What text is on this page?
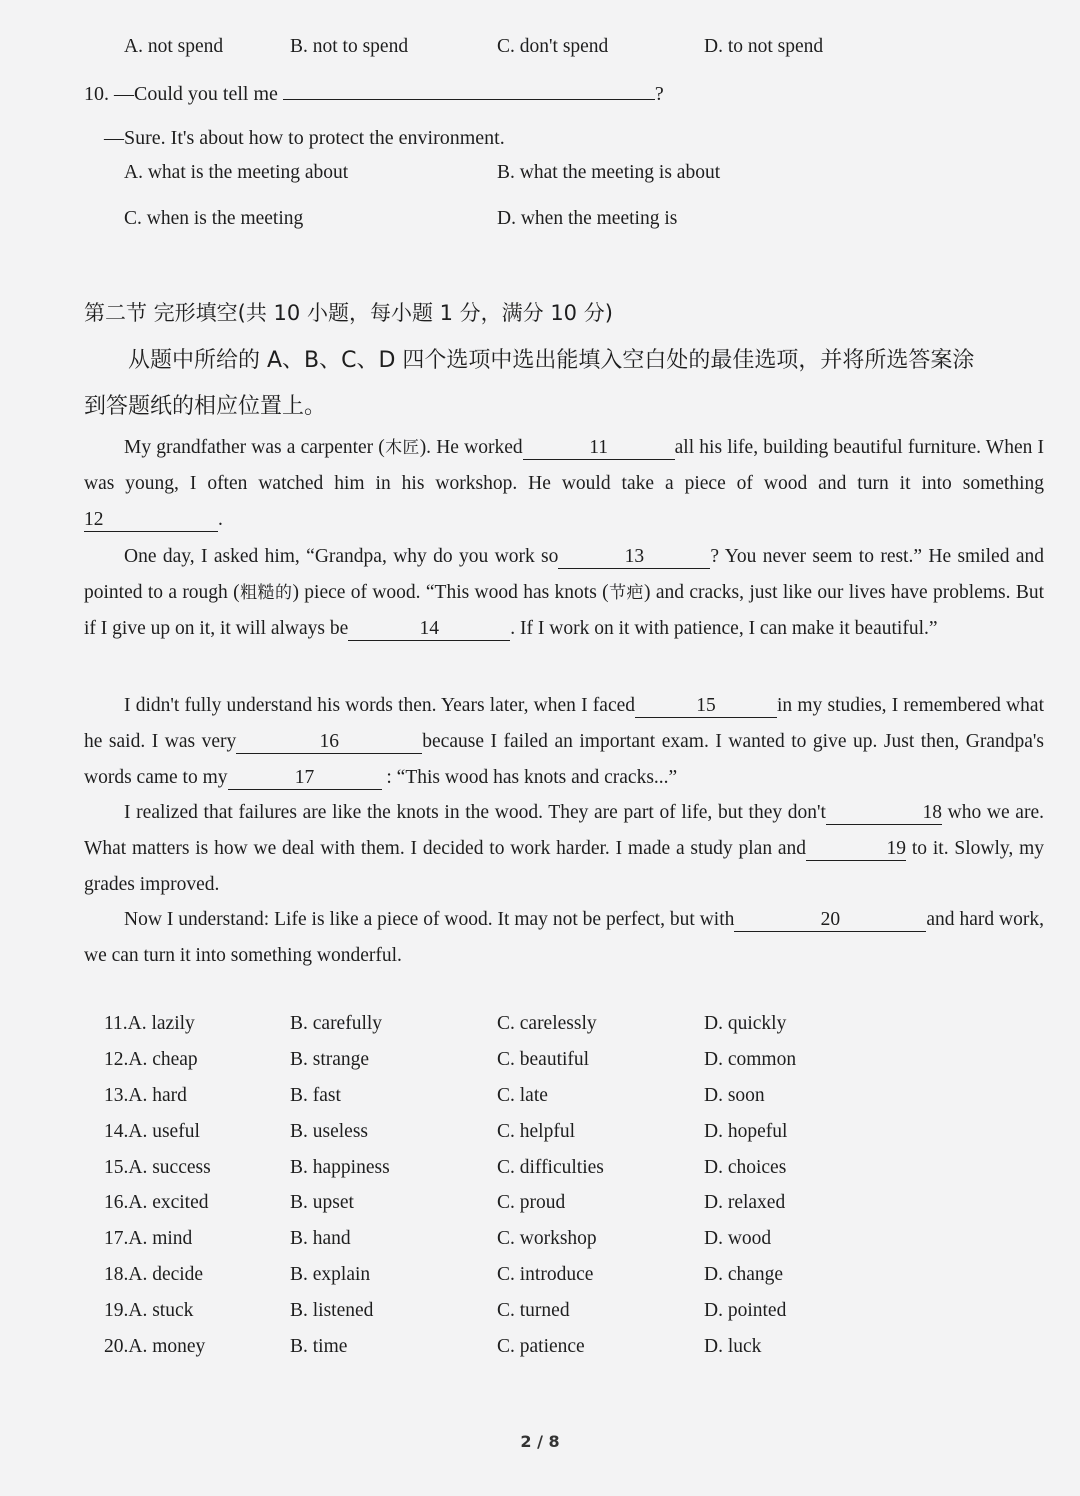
A. not spend	B. not to spend	C. don't spend	D. to not spend
10. —Could you tell me	?
—Sure. It's about how to protect the environment.
A. what is the meeting about	B. what the meeting is about
C. when is the meeting	D. when the meeting is
第二节 完形填空(共 10 小题，每小题 1 分，满分 10 分)
从题中所给的 A、B、C、D 四个选项中选出能填入空白处的最佳选项，并将所选答案涂
到答题纸的相应位置上。
My grandfather was a carpenter (木匠). He worked	11	all his life, building beautiful furniture. When I was young, I often watched him in his workshop. He would take a piece of wood and turn it into something 12	.
One day, I asked him, “Grandpa, why do you work so	13	? You never seem to rest.” He smiled and pointed to a rough (粗糙的) piece of wood. “This wood has knots (节疤) and cracks, just like our lives have problems. But if I give up on it, it will always be	14	. If I work on it with patience, I can make it beautiful.”
I didn't fully understand his words then. Years later, when I faced	15	in my studies, I remembered what he said. I was very	16	because I failed an important exam. I wanted to give up. Just then, Grandpa's words came to my	17	: “This wood has knots and cracks...”
I realized that failures are like the knots in the wood. They are part of life, but they don't	18 who we are. What matters is how we deal with them. I decided to work harder. I made a study plan and	19 to it. Slowly, my grades improved.
Now I understand: Life is like a piece of wood. It may not be perfect, but with	20	and hard work, we can turn it into something wonderful.
11.A. lazily	B. carefully	C. carelessly	D. quickly
12.A. cheap	B. strange	C. beautiful	D. common
13.A. hard	B. fast	C. late	D. soon
14.A. useful	B. useless	C. helpful	D. hopeful
15.A. success	B. happiness	C. difficulties	D. choices
16.A. excited	B. upset	C. proud	D. relaxed
17.A. mind	B. hand	C. workshop	D. wood
18.A. decide	B. explain	C. introduce	D. change
19.A. stuck	B. listened	C. turned	D. pointed
20.A. money	B. time	C. patience	D. luck
2 / 8
